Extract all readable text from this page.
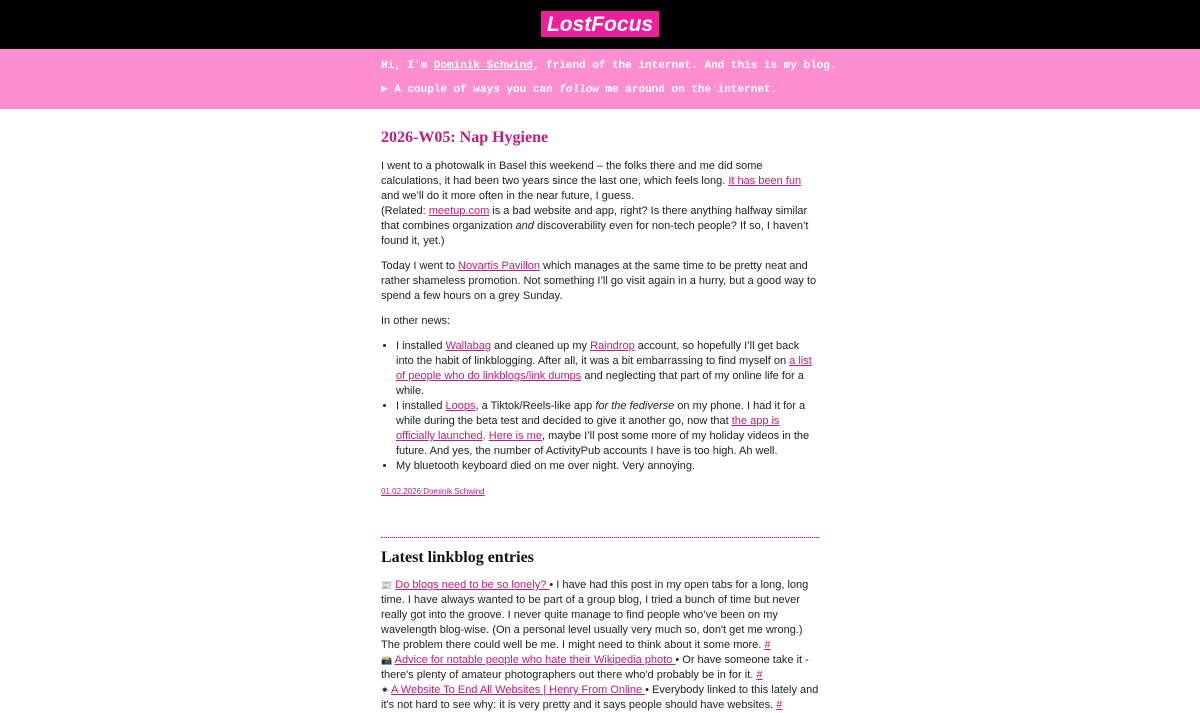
LostFocus
Hi, I'm Dominik Schwind, friend of the internet. And this is my blog.
► A couple of ways you can follow me around on the internet.
2026-W05: Nap Hygiene

I went to a photowalk in Basel this weekend – the folks there and me did some calculations, it had been two years since the last one, which feels long. It has been fun and we’ll do it more often in the near future, I guess.
(Related: meetup.com is a bad website and app, right? Is there anything halfway similar that combines organization and discoverability even for non-tech people? If so, I haven’t found it, yet.)

Today I went to Novartis Pavillon which manages at the same time to be pretty neat and rather shameless promotion. Not something I’ll go visit again in a hurry, but a good way to spend a few hours on a grey Sunday.

In other news:

• I installed Wallabag and cleaned up my Raindrop account, so hopefully I’ll get back into the habit of linkblogging. After all, it was a bit embarrassing to find myself on a list of people who do linkblogs/link dumps and neglecting that part of my online life for a while.
• I installed Loops, a Tiktok/Reels-like app for the fediverse on my phone. I had it for a while during the beta test and decided to give it another go, now that the app is officially launched. Here is me, maybe I’ll post some more of my holiday videos in the future. And yes, the number of ActivityPub accounts I have is too high. Ah well.
• My bluetooth keyboard died on me over night. Very annoying.
01.02.2026 Dominik Schwind
Latest linkblog entries
📰 Do blogs need to be so lonely? • I have had this post in my open tabs for a long, long time. I have always wanted to be part of a group blog, I tried a bunch of time but never really got into the groove. I never quite manage to find people who’ve been on my wavelength blog-wise. (On a personal level usually very much so, don't get me wrong.) The problem there could well be me. I might need to think about it some more. #
📸 Advice for notable people who hate their Wikipedia photo • Or have someone take it - there's plenty of amateur photographers out there who'd probably be in for it. #
✷ A Website To End All Websites | Henry From Online • Everybody linked to this lately and it's not hard to see why: it is very pretty and it says people should have websites. #
